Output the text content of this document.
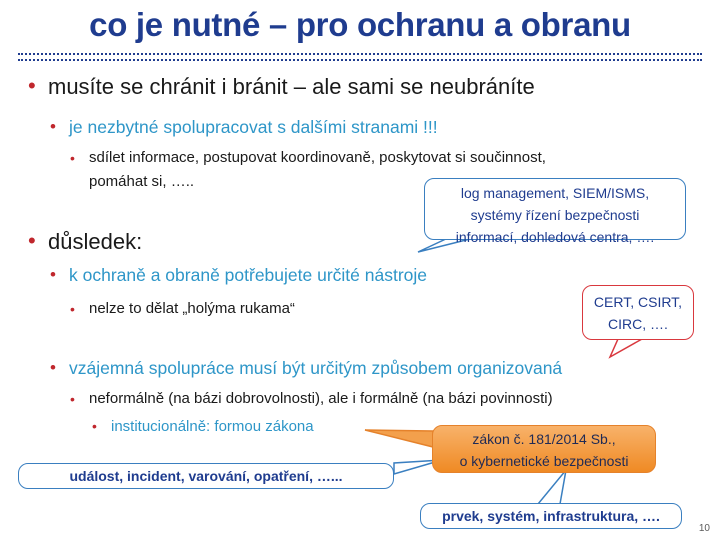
co je nutné – pro ochranu a obranu
• musíte se chránit i bránit – ale sami se neubráníte
• je nezbytné spolupracovat s dalšími stranami !!!
• sdílet informace, postupovat koordinovaně, poskytovat si součinnost,
pomáhat si, …..
• důsledek:
• k ochraně a obraně potřebujete určité nástroje
• nelze to dělat „holýma rukama“
• vzájemná spolupráce musí být určitým způsobem organizovaná
• neformálně (na bázi dobrovolnosti), ale i formálně (na bázi povinnosti)
• institucionálně: formou zákona
log management, SIEM/ISMS,
systémy řízení bezpečnosti
informací, dohledová centra, ….
CERT, CSIRT,
CIRC, ….
zákon č. 181/2014 Sb.,
o kybernetické bezpečnosti
událost, incident, varování, opatření, …...
prvek, systém, infrastruktura, ….
10
